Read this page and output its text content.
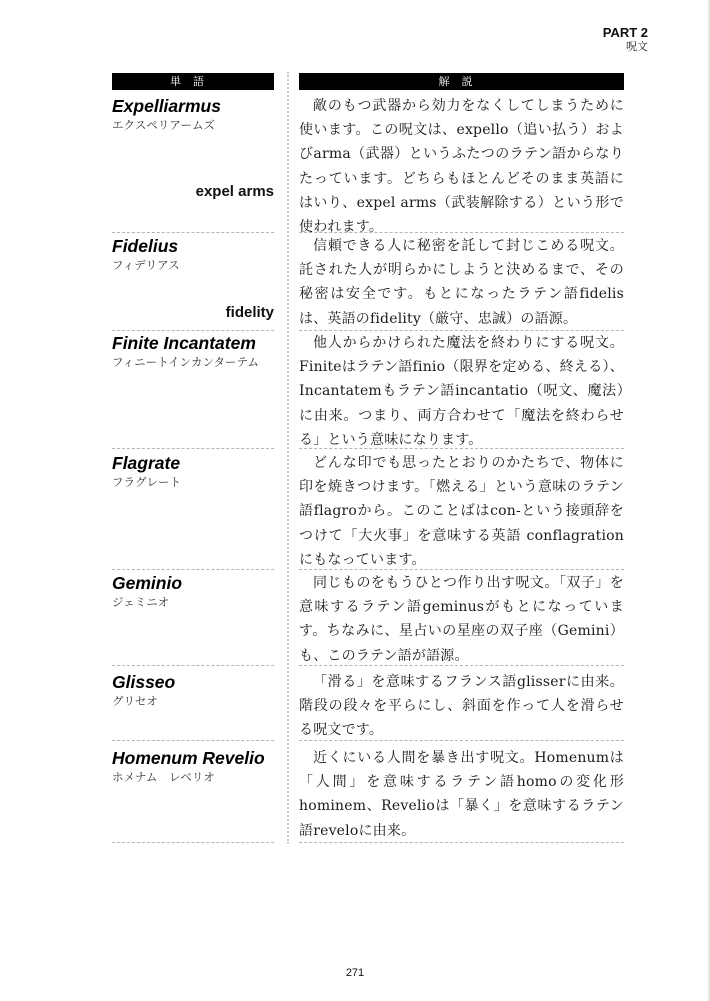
PART 2
呪文
単語	解説
Expelliarmus
エクスペリアームズ
expel arms
敵のもつ武器から効力をなくしてしまうために使います。この呪文は、expello（追い払う）およびarma（武器）というふたつのラテン語からなりたっています。どちらもほとんどそのまま英語にはいり、expel arms（武装解除する）という形で使われます。
Fidelius
フィデリアス
fidelity
信頼できる人に秘密を託して封じこめる呪文。託された人が明らかにしようと決めるまで、その秘密は安全です。もとになったラテン語fidelisは、英語のfidelity（厳守、忠誠）の語源。
Finite Incantatem
フィニートインカンターテム
他人からかけられた魔法を終わりにする呪文。Finiteはラテン語finio（限界を定める、終える）、Incantatemもラテン語incantatio（呪文、魔法）に由来。つまり、両方合わせて「魔法を終わらせる」という意味になります。
Flagrate
フラグレート
どんな印でも思ったとおりのかたちで、物体に印を焼きつけます。「燃える」という意味のラテン語flagroから。このことばはcon-という接頭辞をつけて「大火事」を意味する英語 conflagrationにもなっています。
Geminio
ジェミニオ
同じものをもうひとつ作り出す呪文。「双子」を意味するラテン語geminusがもとになっています。ちなみに、星占いの星座の双子座（Gemini）も、このラテン語が語源。
Glisseo
グリセオ
「滑る」を意味するフランス語glisserに由来。階段の段々を平らにし、斜面を作って人を滑らせる呪文です。
Homenum Revelio
ホメナム　レベリオ
近くにいる人間を暴き出す呪文。Homenumは「人間」を意味するラテン語homoの変化形hominem、Revelioは「暴く」を意味するラテン語reveloに由来。
271
